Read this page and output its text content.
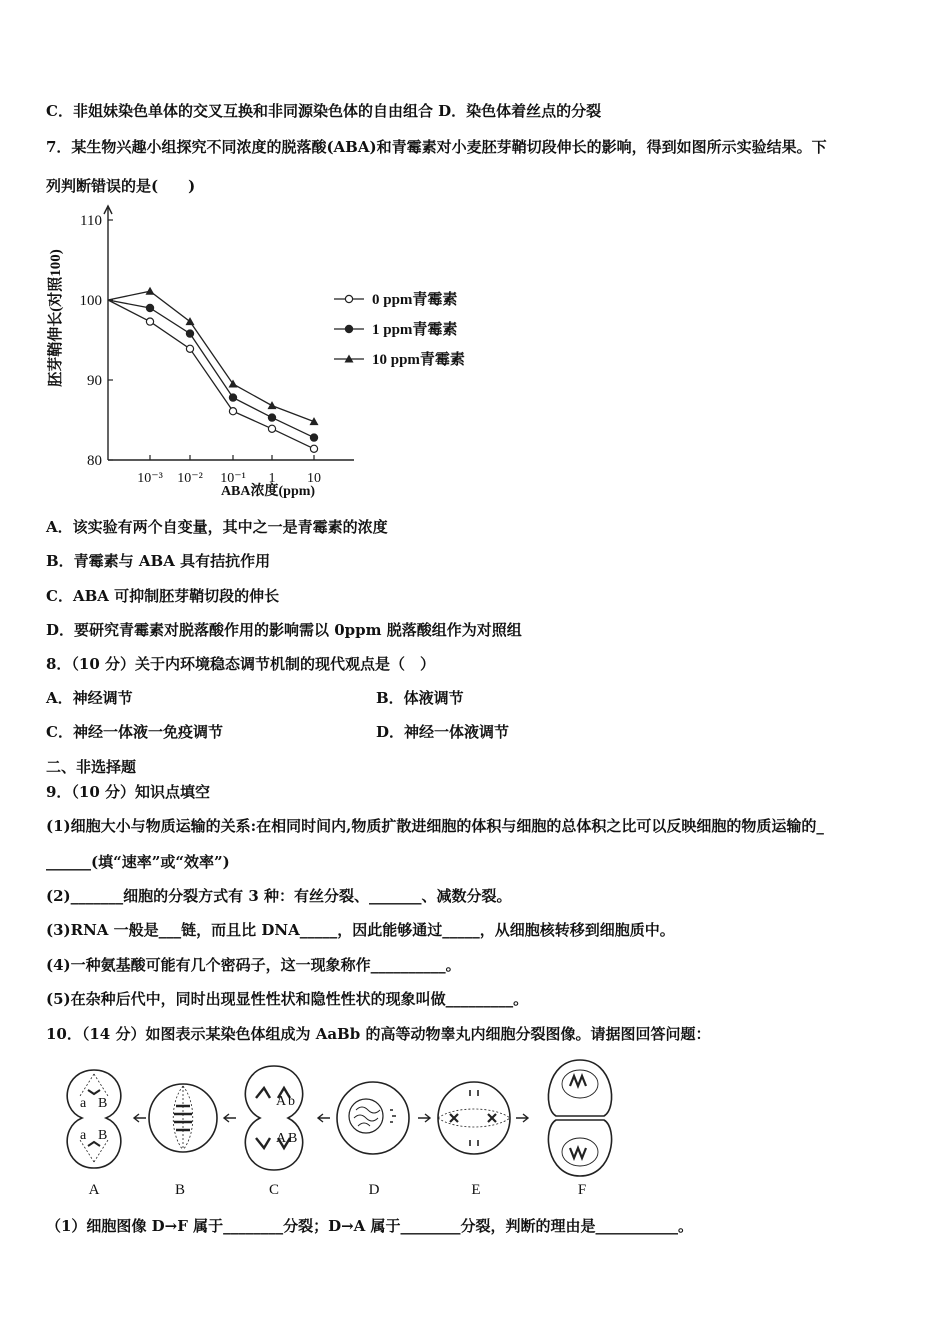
C．非姐妹染色单体的交叉互换和非同源染色体的自由组合 D．染色体着丝点的分裂
7．某生物兴趣小组探究不同浓度的脱落酸(ABA)和青霉素对小麦胚芽鞘切段伸长的影响，得到如图所示实验结果。下
列判断错误的是(　　)
胚芽鞘伸长(对照100)
ABA浓度(ppm)
80
90
100
110
10⁻³ 10⁻² 10⁻¹ 1 10
0 ppm青霉素
1 ppm青霉素
10 ppm青霉素
A．该实验有两个自变量，其中之一是青霉素的浓度
B．青霉素与 ABA 具有拮抗作用
C．ABA 可抑制胚芽鞘切段的伸长
D．要研究青霉素对脱落酸作用的影响需以 0ppm 脱落酸组作为对照组
8．（10 分）关于内环境稳态调节机制的现代观点是（　）
A．神经调节	B．体液调节
C．神经一体液一免疫调节	D．神经一体液调节
二、非选择题
9．（10 分）知识点填空
(1)细胞大小与物质运输的关系:在相同时间内,物质扩散进细胞的体积与细胞的总体积之比可以反映细胞的物质运输的_
______(填“速率”或“效率”)
(2)_______细胞的分裂方式有 3 种：有丝分裂、_______、减数分裂。
(3)RNA 一般是___链，而且比 DNA_____，因此能够通过_____，从细胞核转移到细胞质中。
(4)一种氨基酸可能有几个密码子，这一现象称作__________。
(5)在杂种后代中，同时出现显性性状和隐性性状的现象叫做_________。
10．（14 分）如图表示某染色体组成为 AaBb 的高等动物睾丸内细胞分裂图像。请据图回答问题：
a B
a B
A b
A B
A	B	C	D	E	F
（1）细胞图像 D→F 属于________分裂；D→A 属于________分裂，判断的理由是___________。
